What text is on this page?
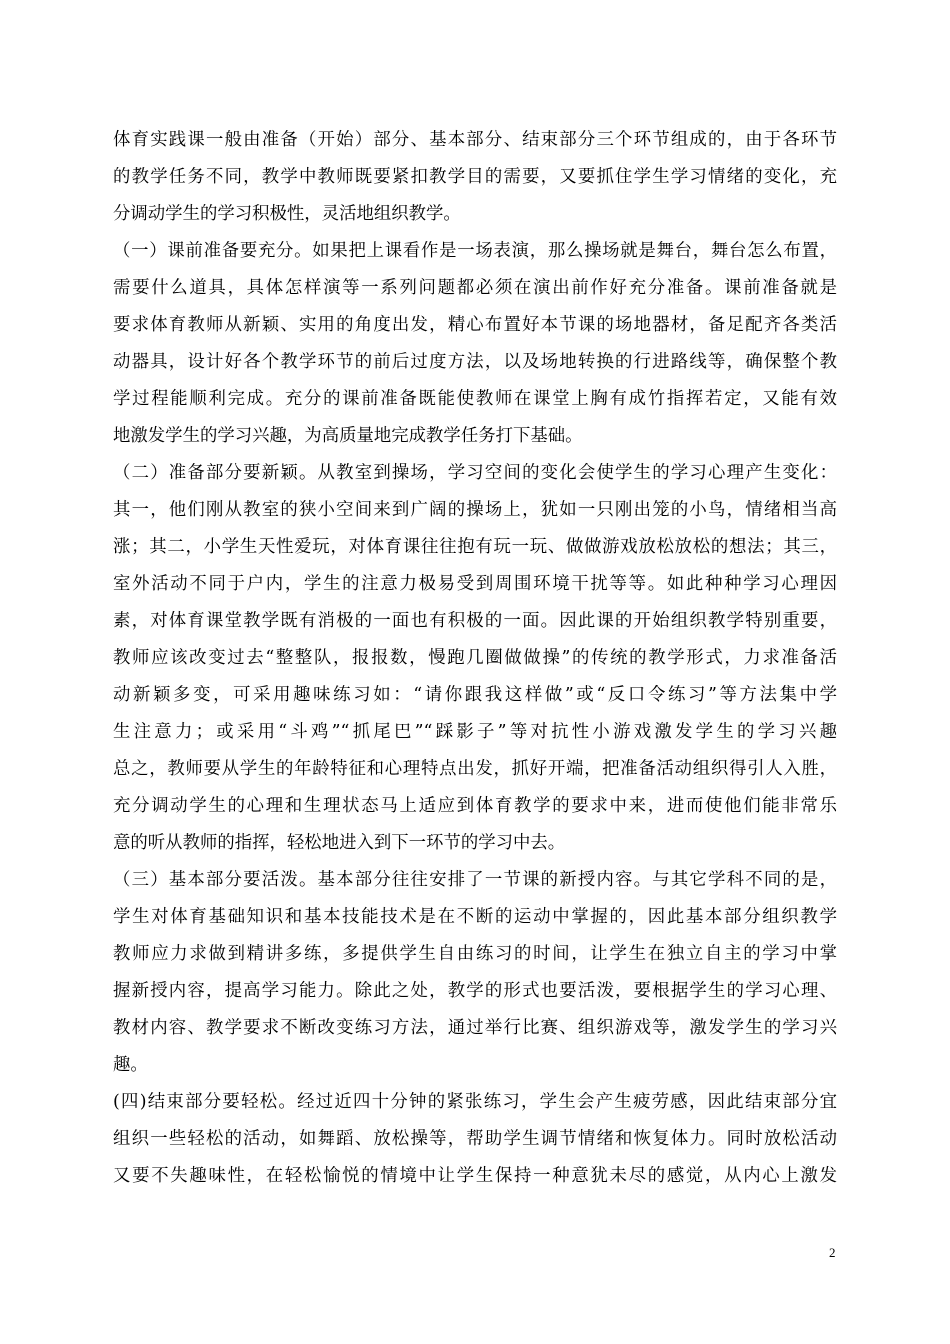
体育实践课一般由准备（开始）部分、基本部分、结束部分三个环节组成的，由于各环节
的教学任务不同，教学中教师既要紧扣教学目的需要，又要抓住学生学习情绪的变化，充
分调动学生的学习积极性，灵活地组织教学。
（一）课前准备要充分。如果把上课看作是一场表演，那么操场就是舞台，舞台怎么布置，
需要什么道具，具体怎样演等一系列问题都必须在演出前作好充分准备。课前准备就是
要求体育教师从新颖、实用的角度出发，精心布置好本节课的场地器材，备足配齐各类活
动器具，设计好各个教学环节的前后过度方法，以及场地转换的行进路线等，确保整个教
学过程能顺利完成。充分的课前准备既能使教师在课堂上胸有成竹指挥若定，又能有效
地激发学生的学习兴趣，为高质量地完成教学任务打下基础。
（二）准备部分要新颖。从教室到操场，学习空间的变化会使学生的学习心理产生变化：
其一，他们刚从教室的狭小空间来到广阔的操场上，犹如一只刚出笼的小鸟，情绪相当高
涨；其二，小学生天性爱玩，对体育课往往抱有玩一玩、做做游戏放松放松的想法；其三，
室外活动不同于户内，学生的注意力极易受到周围环境干扰等等。如此种种学习心理因
素，对体育课堂教学既有消极的一面也有积极的一面。因此课的开始组织教学特别重要，
教师应该改变过去“整整队，报报数，慢跑几圈做做操”的传统的教学形式，力求准备活
动新颖多变，可采用趣味练习如：“请你跟我这样做”或“反口令练习”等方法集中学
生注意力；或采用“斗鸡”“抓尾巴”“踩影子”等对抗性小游戏激发学生的学习兴趣
总之，教师要从学生的年龄特征和心理特点出发，抓好开端，把准备活动组织得引人入胜，
充分调动学生的心理和生理状态马上适应到体育教学的要求中来，进而使他们能非常乐
意的听从教师的指挥，轻松地进入到下一环节的学习中去。
（三）基本部分要活泼。基本部分往往安排了一节课的新授内容。与其它学科不同的是，
学生对体育基础知识和基本技能技术是在不断的运动中掌握的，因此基本部分组织教学
教师应力求做到精讲多练，多提供学生自由练习的时间，让学生在独立自主的学习中掌
握新授内容，提高学习能力。除此之处，教学的形式也要活泼，要根据学生的学习心理、
教材内容、教学要求不断改变练习方法，通过举行比赛、组织游戏等，激发学生的学习兴
趣。
(四)结束部分要轻松。经过近四十分钟的紧张练习，学生会产生疲劳感，因此结束部分宜
组织一些轻松的活动，如舞蹈、放松操等，帮助学生调节情绪和恢复体力。同时放松活动
又要不失趣味性，在轻松愉悦的情境中让学生保持一种意犹未尽的感觉，从内心上激发
2
